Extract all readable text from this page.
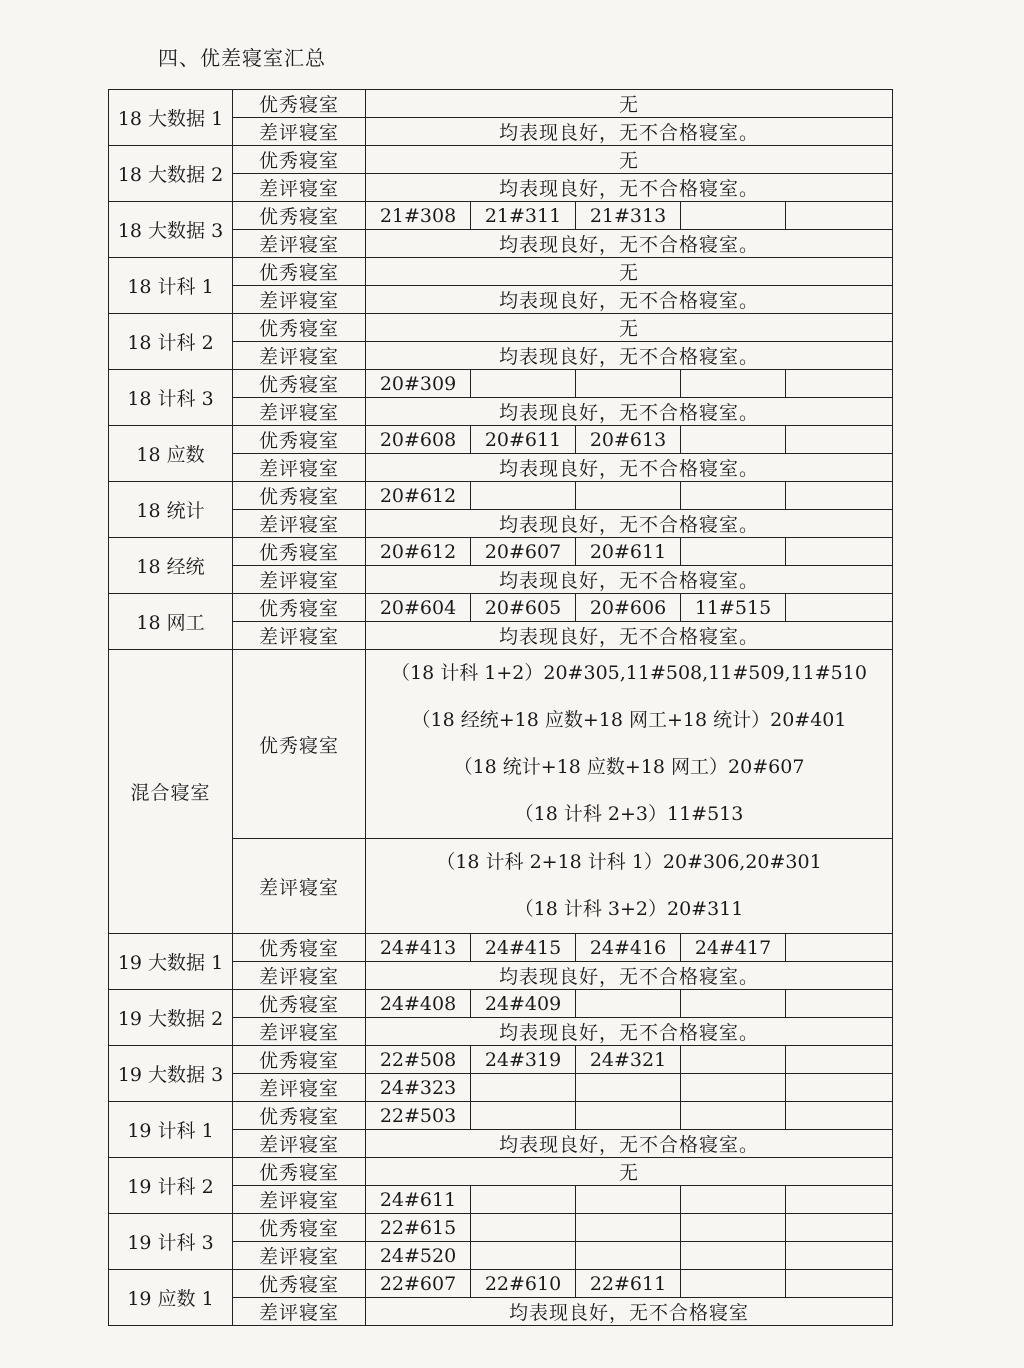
四、优差寝室汇总
18 大数据 1	优秀寝室	无				
	差评寝室	均表现良好，无不合格寝室。				
18 大数据 2	优秀寝室	无				
	差评寝室	均表现良好，无不合格寝室。				
18 大数据 3	优秀寝室	21#308	21#311	21#313		
	差评寝室	均表现良好，无不合格寝室。				
18 计科 1	优秀寝室	无				
	差评寝室	均表现良好，无不合格寝室。				
18 计科 2	优秀寝室	无				
	差评寝室	均表现良好，无不合格寝室。				
18 计科 3	优秀寝室	20#309				
	差评寝室	均表现良好，无不合格寝室。				
18 应数	优秀寝室	20#608	20#611	20#613		
	差评寝室	均表现良好，无不合格寝室。				
18 统计	优秀寝室	20#612				
	差评寝室	均表现良好，无不合格寝室。				
18 经统	优秀寝室	20#612	20#607	20#611		
	差评寝室	均表现良好，无不合格寝室。				
18 网工	优秀寝室	20#604	20#605	20#606	11#515	
	差评寝室	均表现良好，无不合格寝室。				
混合寝室	优秀寝室	（18 计科 1+2）20#305,11#508,11#509,11#510
（18 经统+18 应数+18 网工+18 统计）20#401
（18 统计+18 应数+18 网工）20#607
（18 计科 2+3）11#513				

	差评寝室	（18 计科 2+18 计科 1）20#306,20#301
（18 计科 3+2）20#311				

19 大数据 1	优秀寝室	24#413	24#415	24#416	24#417	
	差评寝室	均表现良好，无不合格寝室。				
19 大数据 2	优秀寝室	24#408	24#409			
	差评寝室	均表现良好，无不合格寝室。				
19 大数据 3	优秀寝室	22#508	24#319	24#321		
	差评寝室	24#323				
19 计科 1	优秀寝室	22#503				
	差评寝室	均表现良好，无不合格寝室。				
19 计科 2	优秀寝室	无				
	差评寝室	24#611				
19 计科 3	优秀寝室	22#615				
	差评寝室	24#520				
19 应数 1	优秀寝室	22#607	22#610	22#611		
	差评寝室	均表现良好，无不合格寝室				
